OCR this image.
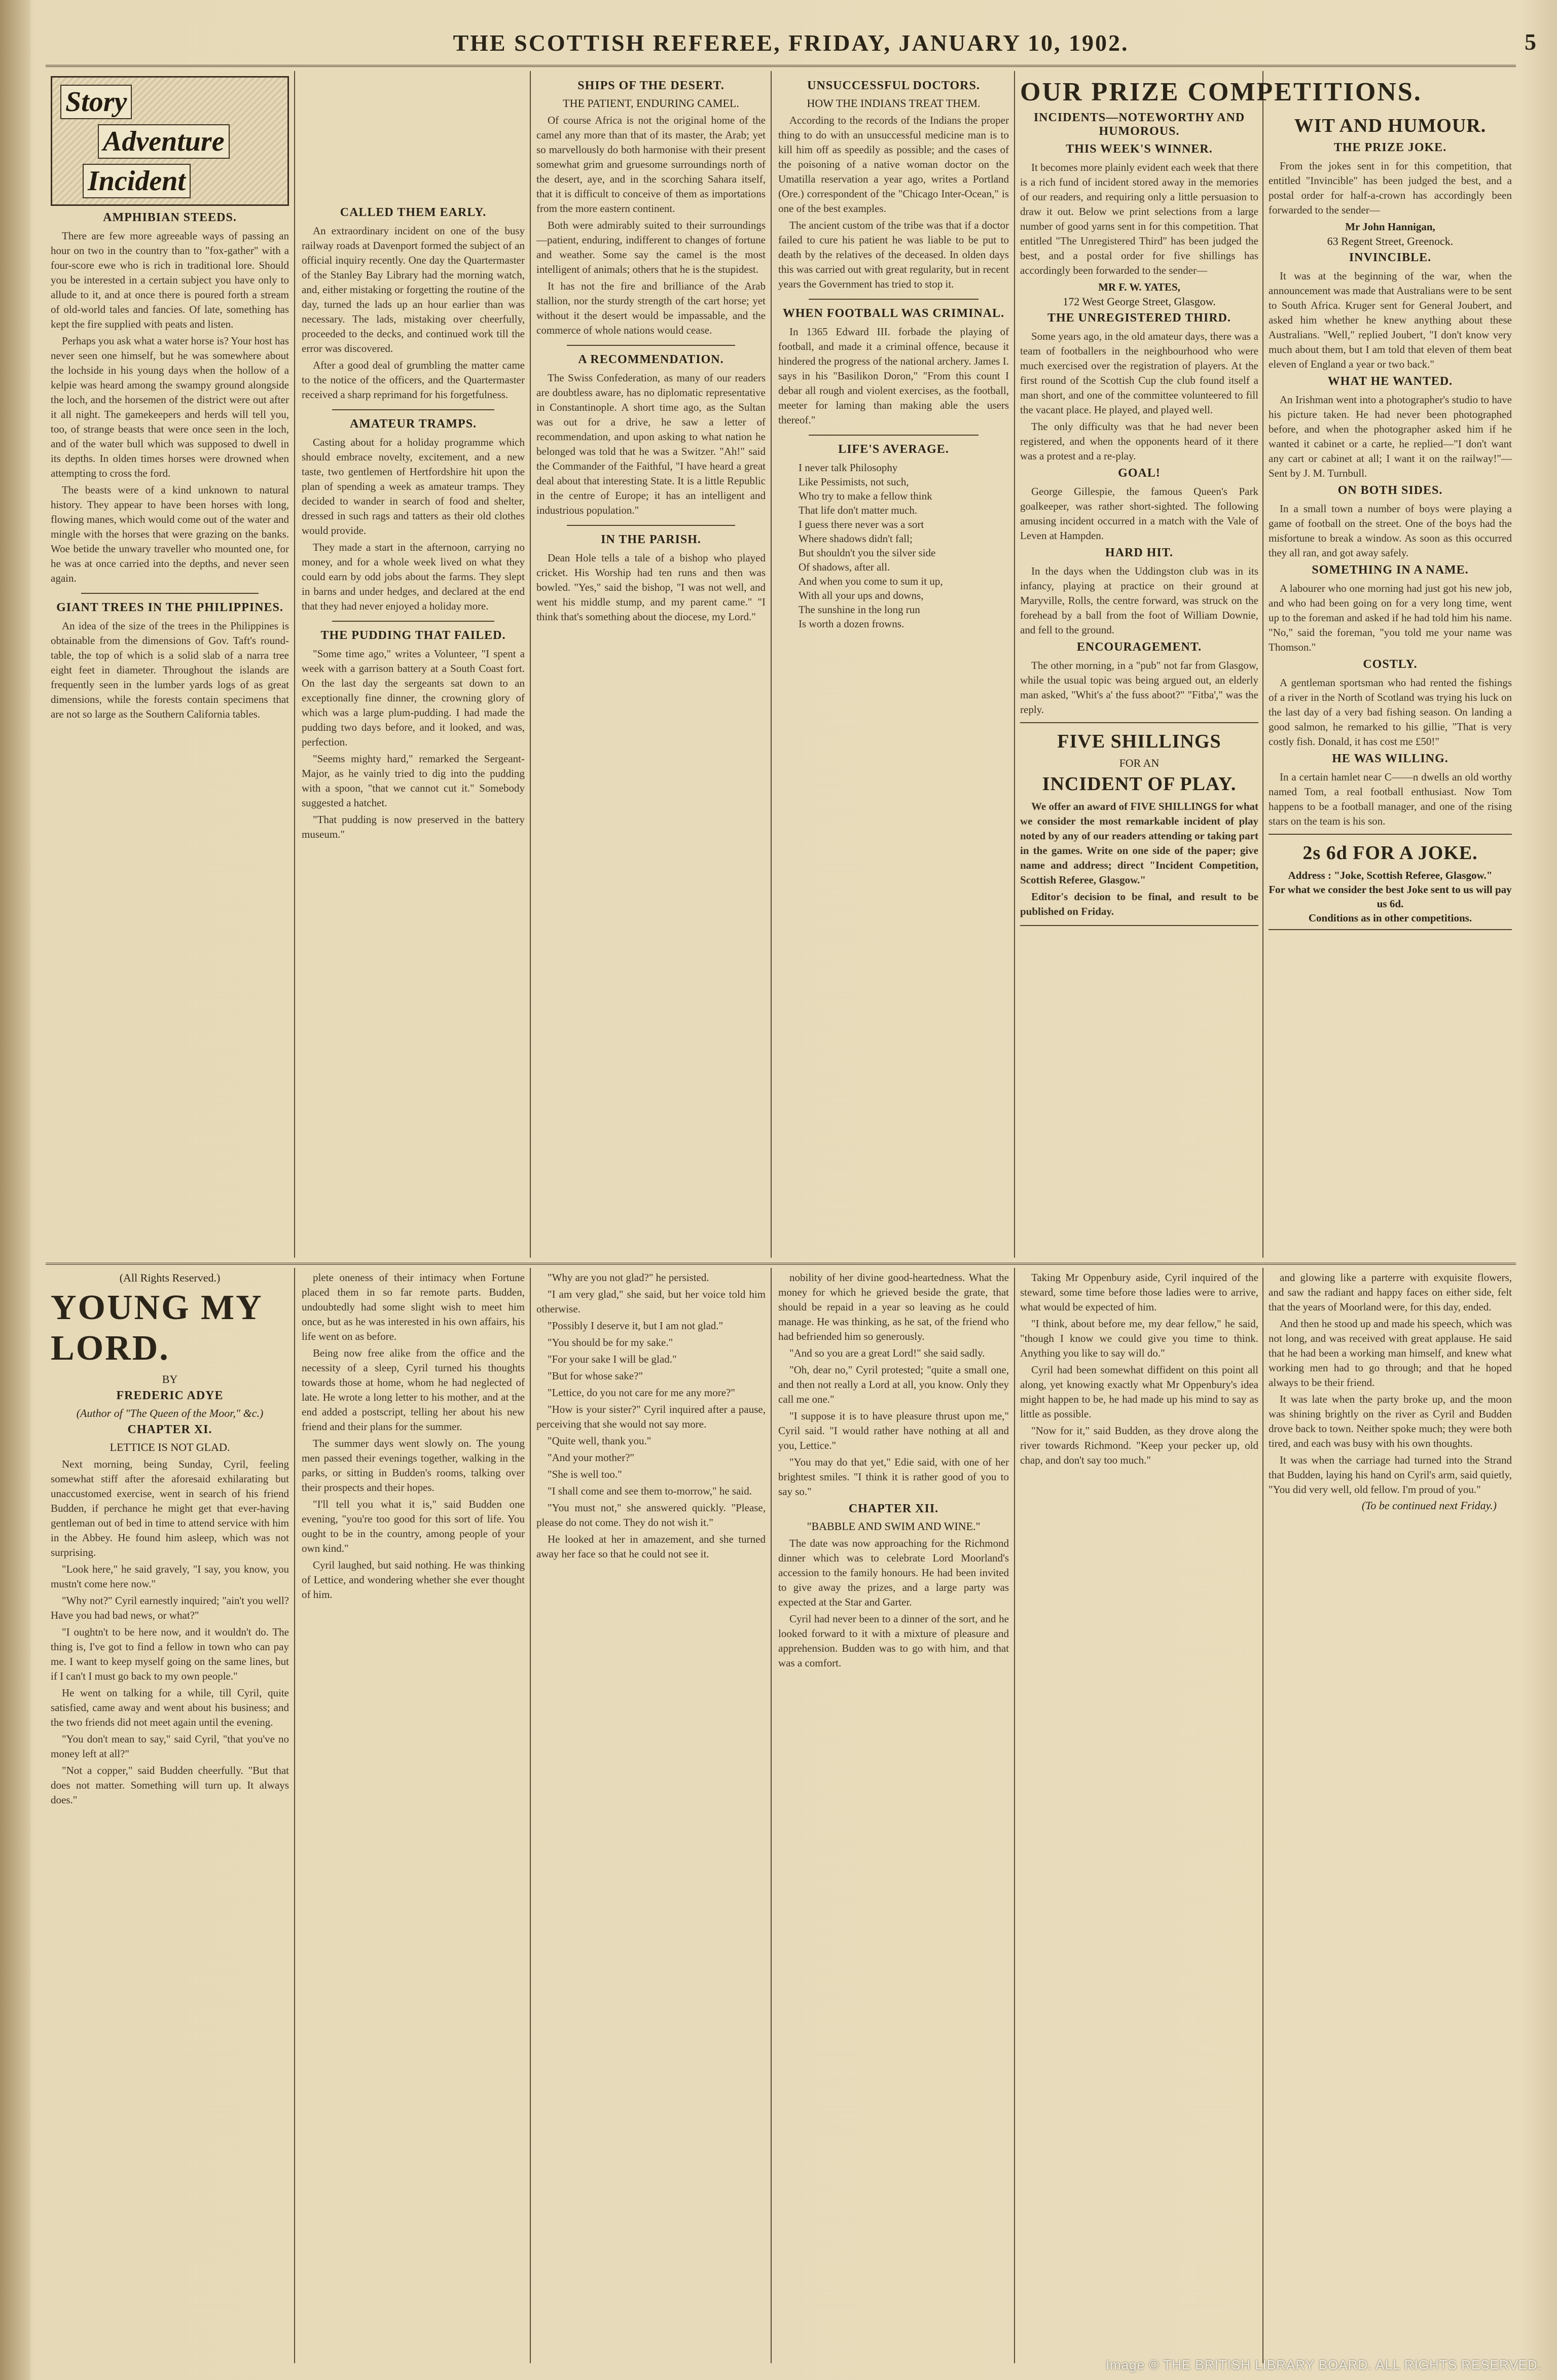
THE SCOTTISH REFEREE, FRIDAY, JANUARY 10, 1902.	5
Story
Adventure
Incident
AMPHIBIAN STEEDS.

There are few more agreeable ways of passing an hour on two in the country than to "fox-gather" with a four-score ewe who is rich in traditional lore. Should you be interested in a certain subject you have only to allude to it, and at once there is poured forth a stream of old-world tales and fancies. Of late, something has kept the fire supplied with peats and listen.

Perhaps you ask what a water horse is? Your host has never seen one himself, but he was somewhere about the lochside in his young days when the hollow of a kelpie was heard among the swampy ground alongside the loch, and the horsemen of the district were out after it all night. The gamekeepers and herds will tell you, too, of strange beasts that were once seen in the loch, and of the water bull which was supposed to dwell in its depths. In olden times horses were drowned when attempting to cross the ford.

The beasts were of a kind unknown to natural history. They appear to have been horses with long, flowing manes, which would come out of the water and mingle with the horses that were grazing on the banks. Woe betide the unwary traveller who mounted one, for he was at once carried into the depths, and never seen again.

GIANT TREES IN THE PHILIPPINES.

An idea of the size of the trees in the Philippines is obtainable from the dimensions of Gov. Taft's round-table, the top of which is a solid slab of a narra tree eight feet in diameter. Throughout the islands are frequently seen in the lumber yards logs of as great dimensions, while the forests contain specimens that are not so large as the Southern California tables.

CALLED THEM EARLY.

An extraordinary incident on one of the busy railway roads at Davenport formed the subject of an official inquiry recently. One day the Quartermaster of the Stanley Bay Library had the morning watch, and, either mistaking or forgetting the routine of the day, turned the lads up an hour earlier than was necessary. The lads, mistaking over cheerfully, proceeded to the decks, and continued work till the error was discovered.

After a good deal of grumbling the matter came to the notice of the officers, and the Quartermaster received a sharp reprimand for his forgetfulness.

AMATEUR TRAMPS.

Casting about for a holiday programme which should embrace novelty, excitement, and a new taste, two gentlemen of Hertfordshire hit upon the plan of spending a week as amateur tramps. They decided to wander in search of food and shelter, dressed in such rags and tatters as their old clothes would provide.

They made a start in the afternoon, carrying no money, and for a whole week lived on what they could earn by odd jobs about the farms. They slept in barns and under hedges, and declared at the end that they had never enjoyed a holiday more.

THE PUDDING THAT FAILED.

"Some time ago," writes a Volunteer, "I spent a week with a garrison battery at a South Coast fort. On the last day the sergeants sat down to an exceptionally fine dinner, the crowning glory of which was a large plum-pudding. I had made the pudding two days before, and it looked, and was, perfection.

"Seems mighty hard," remarked the Sergeant-Major, as he vainly tried to dig into the pudding with a spoon, "that we cannot cut it." Somebody suggested a hatchet.

"That pudding is now preserved in the battery museum."

SHIPS OF THE DESERT.
THE PATIENT, ENDURING CAMEL.

Of course Africa is not the original home of the camel any more than that of its master, the Arab; yet so marvellously do both harmonise with their present somewhat grim and gruesome surroundings north of the desert, aye, and in the scorching Sahara itself, that it is difficult to conceive of them as importations from the more eastern continent.

Both were admirably suited to their surroundings—patient, enduring, indifferent to changes of fortune and weather. Some say the camel is the most intelligent of animals; others that he is the stupidest.

It has not the fire and brilliance of the Arab stallion, nor the sturdy strength of the cart horse; yet without it the desert would be impassable, and the commerce of whole nations would cease.

A RECOMMENDATION.

The Swiss Confederation, as many of our readers are doubtless aware, has no diplomatic representative in Constantinople. A short time ago, as the Sultan was out for a drive, he saw a letter of recommendation, and upon asking to what nation he belonged was told that he was a Switzer. "Ah!" said the Commander of the Faithful, "I have heard a great deal about that interesting State. It is a little Republic in the centre of Europe; it has an intelligent and industrious population."

IN THE PARISH.

Dean Hole tells a tale of a bishop who played cricket. His Worship had ten runs and then was bowled. "Yes," said the bishop, "I was not well, and went his middle stump, and my parent came." "I think that's something about the diocese, my Lord."

UNSUCCESSFUL DOCTORS.
HOW THE INDIANS TREAT THEM.

According to the records of the Indians the proper thing to do with an unsuccessful medicine man is to kill him off as speedily as possible; and the cases of the poisoning of a native woman doctor on the Umatilla reservation a year ago, writes a Portland (Ore.) correspondent of the "Chicago Inter-Ocean," is one of the best examples.

The ancient custom of the tribe was that if a doctor failed to cure his patient he was liable to be put to death by the relatives of the deceased. In olden days this was carried out with great regularity, but in recent years the Government has tried to stop it.

WHEN FOOTBALL WAS CRIMINAL.

In 1365 Edward III. forbade the playing of football, and made it a criminal offence, because it hindered the progress of the national archery. James I. says in his "Basilikon Doron," "From this count I debar all rough and violent exercises, as the football, meeter for laming than making able the users thereof."

LIFE'S AVERAGE.
I never talk Philosophy
Like Pessimists, not such,
Who try to make a fellow think
That life don't matter much.
I guess there never was a sort
Where shadows didn't fall;
But shouldn't you the silver side
Of shadows, after all.
And when you come to sum it up,
With all your ups and downs,
The sunshine in the long run
Is worth a dozen frowns.
OUR PRIZE COMPETITIONS.
INCIDENTS—NOTEWORTHY AND HUMOROUS.
THIS WEEK'S WINNER.

It becomes more plainly evident each week that there is a rich fund of incident stored away in the memories of our readers, and requiring only a little persuasion to draw it out. Below we print selections from a large number of good yarns sent in for this competition. That entitled "The Unregistered Third" has been judged the best, and a postal order for five shillings has accordingly been forwarded to the sender—

MR F. W. YATES,
172 West George Street, Glasgow.
THE UNREGISTERED THIRD.

Some years ago, in the old amateur days, there was a team of footballers in the neighbourhood who were much exercised over the registration of players. At the first round of the Scottish Cup the club found itself a man short, and one of the committee volunteered to fill the vacant place. He played, and played well.

The only difficulty was that he had never been registered, and when the opponents heard of it there was a protest and a re-play.

GOAL!

George Gillespie, the famous Queen's Park goalkeeper, was rather short-sighted. The following amusing incident occurred in a match with the Vale of Leven at Hampden.

HARD HIT.

In the days when the Uddingston club was in its infancy, playing at practice on their ground at Maryville, Rolls, the centre forward, was struck on the forehead by a ball from the foot of William Downie, and fell to the ground.

ENCOURAGEMENT.

The other morning, in a "pub" not far from Glasgow, while the usual topic was being argued out, an elderly man asked, "Whit's a' the fuss aboot?" "Fitba'," was the reply.

FIVE SHILLINGS
FOR AN
INCIDENT OF PLAY.

We offer an award of FIVE SHILLINGS for what we consider the most remarkable incident of play noted by any of our readers attending or taking part in the games. Write on one side of the paper; give name and address; direct "Incident Competition, Scottish Referee, Glasgow."

Editor's decision to be final, and result to be published on Friday.

WIT AND HUMOUR.
THE PRIZE JOKE.

From the jokes sent in for this competition, that entitled "Invincible" has been judged the best, and a postal order for half-a-crown has accordingly been forwarded to the sender—

Mr John Hannigan,
63 Regent Street, Greenock.
INVINCIBLE.

It was at the beginning of the war, when the announcement was made that Australians were to be sent to South Africa. Kruger sent for General Joubert, and asked him whether he knew anything about these Australians. "Well," replied Joubert, "I don't know very much about them, but I am told that eleven of them beat eleven of England a year or two back."

WHAT HE WANTED.

An Irishman went into a photographer's studio to have his picture taken. He had never been photographed before, and when the photographer asked him if he wanted it cabinet or a carte, he replied—"I don't want any cart or cabinet at all; I want it on the railway!"—Sent by J. M. Turnbull.

ON BOTH SIDES.

In a small town a number of boys were playing a game of football on the street. One of the boys had the misfortune to break a window. As soon as this occurred they all ran, and got away safely.

SOMETHING IN A NAME.

A labourer who one morning had just got his new job, and who had been going on for a very long time, went up to the foreman and asked if he had told him his name. "No," said the foreman, "you told me your name was Thomson."

COSTLY.

A gentleman sportsman who had rented the fishings of a river in the North of Scotland was trying his luck on the last day of a very bad fishing season. On landing a good salmon, he remarked to his gillie, "That is very costly fish. Donald, it has cost me £50!"

HE WAS WILLING.

In a certain hamlet near C——n dwells an old worthy named Tom, a real football enthusiast. Now Tom happens to be a football manager, and one of the rising stars on the team is his son.

2s 6d FOR A JOKE.
Address : "Joke, Scottish Referee, Glasgow."
For what we consider the best Joke sent to us will pay us 6d.
Conditions as in other competitions.
(All Rights Reserved.)
YOUNG MY LORD.
BY
FREDERIC ADYE
(Author of "The Queen of the Moor," &c.)
CHAPTER XI.
LETTICE IS NOT GLAD.

Next morning, being Sunday, Cyril, feeling somewhat stiff after the aforesaid exhilarating but unaccustomed exercise, went in search of his friend Budden, if perchance he might get that ever-having gentleman out of bed in time to attend service with him in the Abbey. He found him asleep, which was not surprising.

"Look here," he said gravely, "I say, you know, you mustn't come here now."

"Why not?" Cyril earnestly inquired; "ain't you well? Have you had bad news, or what?"

"I oughtn't to be here now, and it wouldn't do. The thing is, I've got to find a fellow in town who can pay me. I want to keep myself going on the same lines, but if I can't I must go back to my own people."

He went on talking for a while, till Cyril, quite satisfied, came away and went about his business; and the two friends did not meet again until the evening.

"You don't mean to say," said Cyril, "that you've no money left at all?"

"Not a copper," said Budden cheerfully. "But that does not matter. Something will turn up. It always does."

plete oneness of their intimacy when Fortune placed them in so far remote parts. Budden, undoubtedly had some slight wish to meet him once, but as he was interested in his own affairs, his life went on as before.

Being now free alike from the office and the necessity of a sleep, Cyril turned his thoughts towards those at home, whom he had neglected of late. He wrote a long letter to his mother, and at the end added a postscript, telling her about his new friend and their plans for the summer.

The summer days went slowly on. The young men passed their evenings together, walking in the parks, or sitting in Budden's rooms, talking over their prospects and their hopes.

"I'll tell you what it is," said Budden one evening, "you're too good for this sort of life. You ought to be in the country, among people of your own kind."

Cyril laughed, but said nothing. He was thinking of Lettice, and wondering whether she ever thought of him.

"Why are you not glad?" he persisted.

"I am very glad," she said, but her voice told him otherwise.

"Possibly I deserve it, but I am not glad."

"You should be for my sake."

"For your sake I will be glad."

"But for whose sake?"

"Lettice, do you not care for me any more?"

"How is your sister?" Cyril inquired after a pause, perceiving that she would not say more.

"Quite well, thank you."

"And your mother?"

"She is well too."

"I shall come and see them to-morrow," he said.

"You must not," she answered quickly. "Please, please do not come. They do not wish it."

He looked at her in amazement, and she turned away her face so that he could not see it.

nobility of her divine good-heartedness. What the money for which he grieved beside the grate, that should be repaid in a year so leaving as he could manage. He was thinking, as he sat, of the friend who had befriended him so generously.

"And so you are a great Lord!" she said sadly.

"Oh, dear no," Cyril protested; "quite a small one, and then not really a Lord at all, you know. Only they call me one."

"I suppose it is to have pleasure thrust upon me," Cyril said. "I would rather have nothing at all and you, Lettice."

"You may do that yet," Edie said, with one of her brightest smiles. "I think it is rather good of you to say so."

CHAPTER XII.
"BABBLE AND SWIM AND WINE."

The date was now approaching for the Richmond dinner which was to celebrate Lord Moorland's accession to the family honours. He had been invited to give away the prizes, and a large party was expected at the Star and Garter.

Cyril had never been to a dinner of the sort, and he looked forward to it with a mixture of pleasure and apprehension. Budden was to go with him, and that was a comfort.

Taking Mr Oppenbury aside, Cyril inquired of the steward, some time before those ladies were to arrive, what would be expected of him.

"I think, about before me, my dear fellow," he said, "though I know we could give you time to think. Anything you like to say will do."

Cyril had been somewhat diffident on this point all along, yet knowing exactly what Mr Oppenbury's idea might happen to be, he had made up his mind to say as little as possible.

"Now for it," said Budden, as they drove along the river towards Richmond. "Keep your pecker up, old chap, and don't say too much."

and glowing like a parterre with exquisite flowers, and saw the radiant and happy faces on either side, felt that the years of Moorland were, for this day, ended.

And then he stood up and made his speech, which was not long, and was received with great applause. He said that he had been a working man himself, and knew what working men had to go through; and that he hoped always to be their friend.

It was late when the party broke up, and the moon was shining brightly on the river as Cyril and Budden drove back to town. Neither spoke much; they were both tired, and each was busy with his own thoughts.

It was when the carriage had turned into the Strand that Budden, laying his hand on Cyril's arm, said quietly, "You did very well, old fellow. I'm proud of you."

(To be continued next Friday.)
Image © THE BRITISH LIBRARY BOARD. ALL RIGHTS RESERVED.
